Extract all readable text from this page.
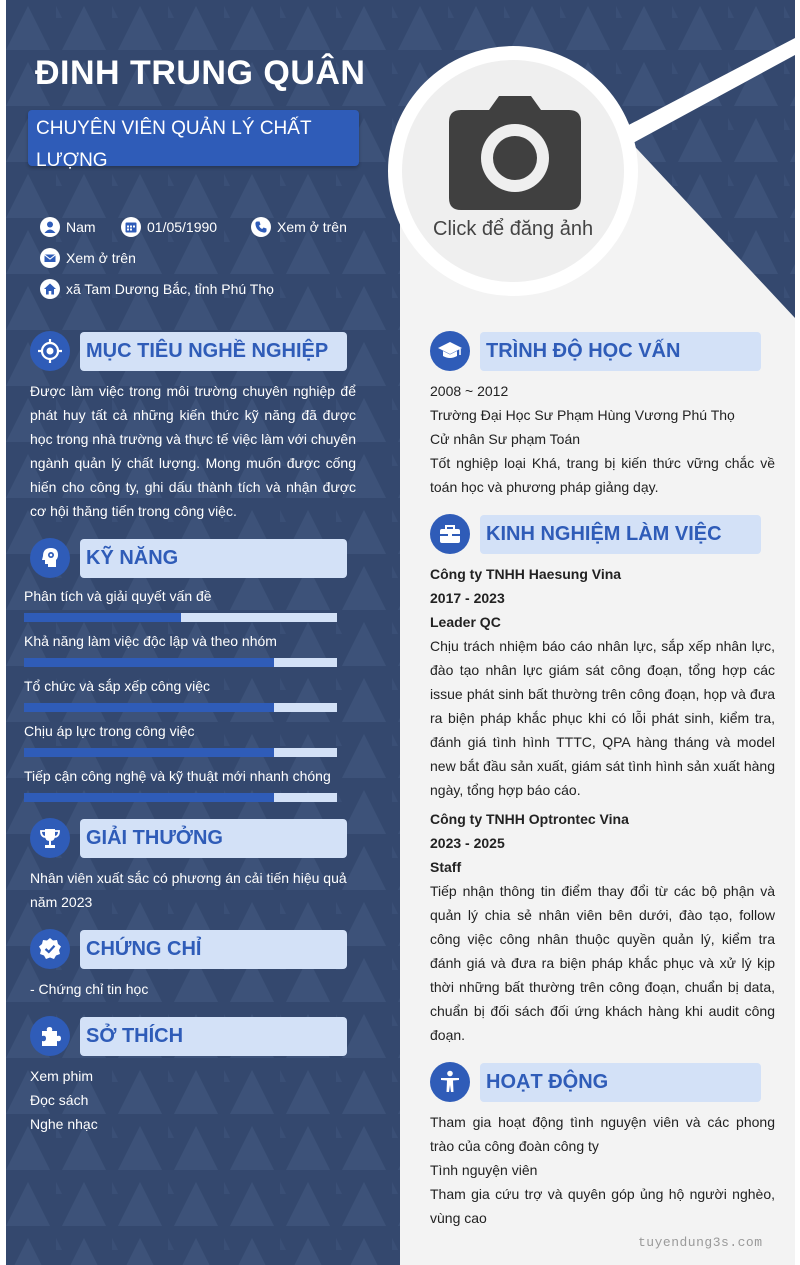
Click để đăng ảnh
ĐINH TRUNG QUÂN
CHUYÊN VIÊN QUẢN LÝ CHẤT LƯỢNG
Nam	01/05/1990	Xem ở trên
Xem ở trên
xã Tam Dương Bắc, tỉnh Phú Thọ
MỤC TIÊU NGHỀ NGHIỆP
Được làm việc trong môi trường chuyên nghiệp để phát huy tất cả những kiến thức kỹ năng đã được học trong nhà trường và thực tế việc làm với chuyên ngành quản lý chất lượng. Mong muốn được cống hiến cho công ty, ghi dấu thành tích và nhận được cơ hội thăng tiến trong công việc.
KỸ NĂNG
Phân tích và giải quyết vấn đề
Khả năng làm việc độc lập và theo nhóm
Tổ chức và sắp xếp công việc
Chịu áp lực trong công việc
Tiếp cận công nghệ và kỹ thuật mới nhanh chóng
GIẢI THƯỞNG
Nhân viên xuất sắc có phương án cải tiến hiệu quả năm 2023
CHỨNG CHỈ
- Chứng chỉ tin học
SỞ THÍCH
Xem phim
Đọc sách
Nghe nhạc
TRÌNH ĐỘ HỌC VẤN
2008 ~ 2012
Trường Đại Học Sư Phạm Hùng Vương Phú Thọ
Cử nhân Sư phạm Toán
Tốt nghiệp loại Khá, trang bị kiến thức vững chắc về toán học và phương pháp giảng dạy.
KINH NGHIỆM LÀM VIỆC
Công ty TNHH Haesung Vina
2017 - 2023
Leader QC
Chịu trách nhiệm báo cáo nhân lực, sắp xếp nhân lực, đào tạo nhân lực giám sát công đoạn, tổng hợp các issue phát sinh bất thường trên công đoạn, họp và đưa ra biện pháp khắc phục khi có lỗi phát sinh, kiểm tra, đánh giá tình hình TTTC, QPA hàng tháng và model new bắt đầu sản xuất, giám sát tình hình sản xuất hàng ngày, tổng hợp báo cáo.
Công ty TNHH Optrontec Vina
2023 - 2025
Staff
Tiếp nhận thông tin điểm thay đổi từ các bộ phận và quản lý chia sẻ nhân viên bên dưới, đào tạo, follow công việc công nhân thuộc quyền quản lý, kiểm tra đánh giá và đưa ra biện pháp khắc phục và xử lý kịp thời những bất thường trên công đoạn, chuẩn bị data, chuẩn bị đối sách đối ứng khách hàng khi audit công đoạn.
HOẠT ĐỘNG
Tham gia hoạt động tình nguyện viên và các phong trào của công đoàn công ty
Tình nguyện viên
Tham gia cứu trợ và quyên góp ủng hộ người nghèo, vùng cao
tuyendung3s.com
